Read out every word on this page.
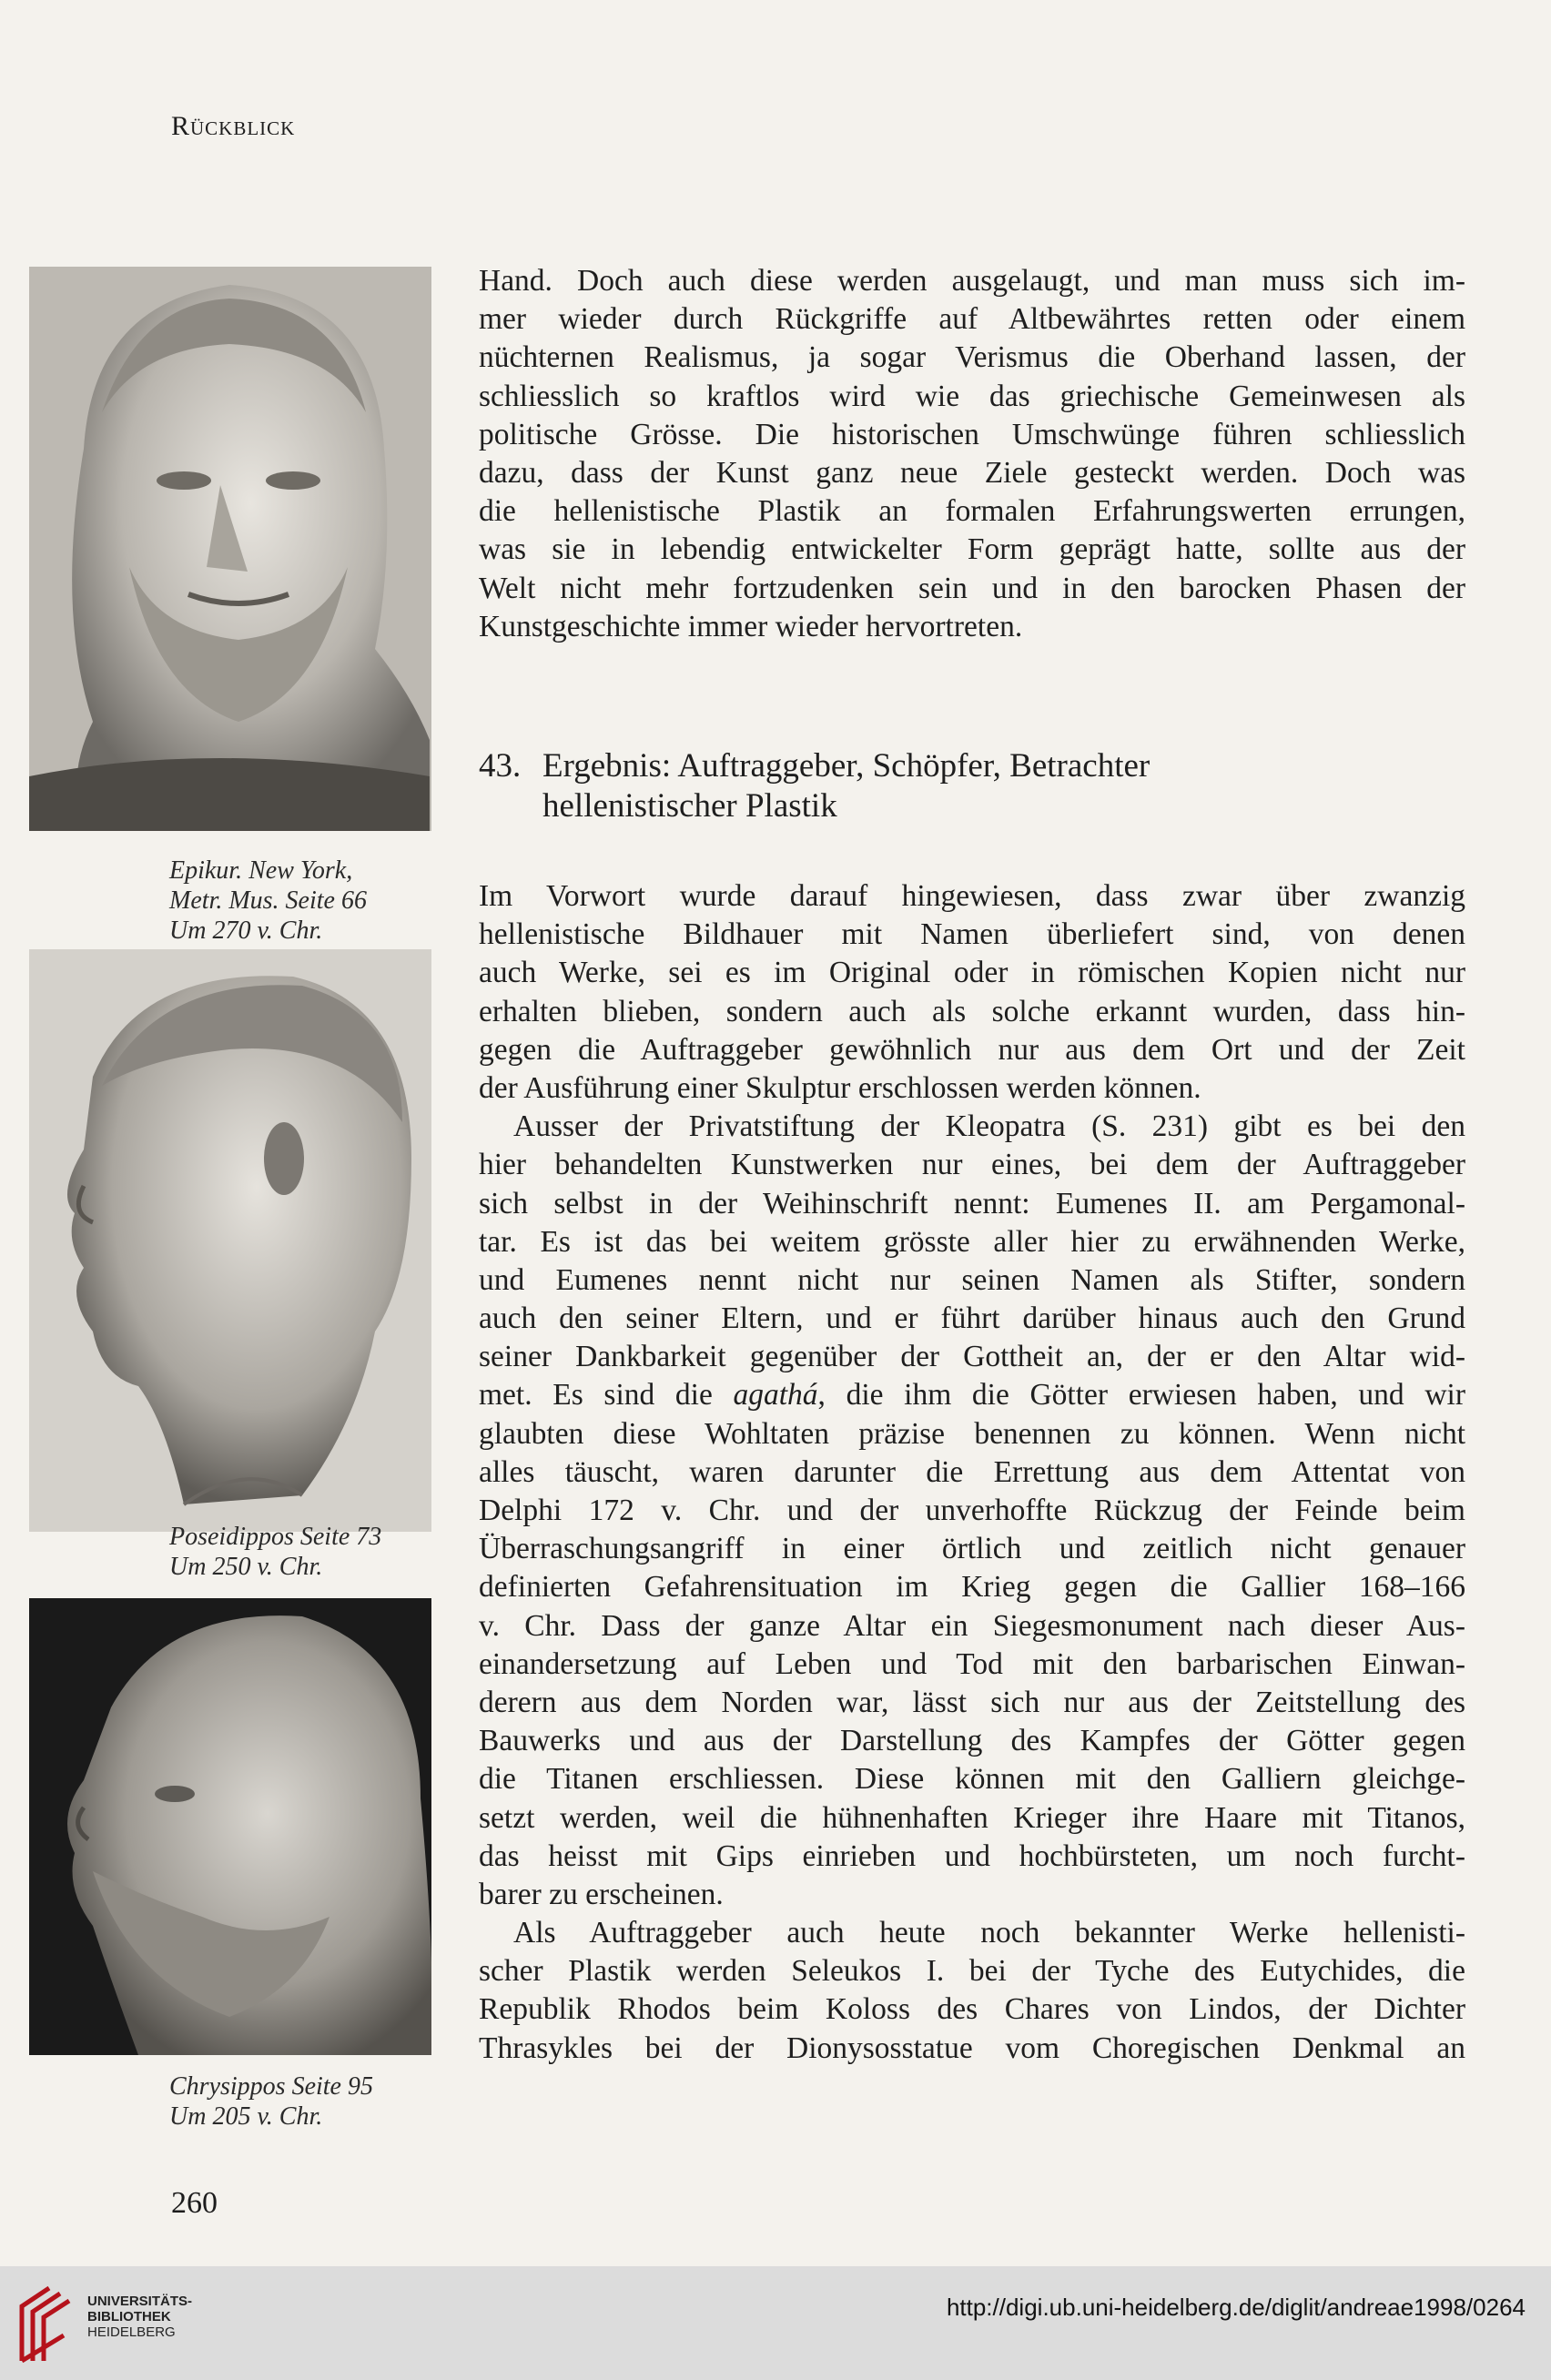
Rückblick
Epikur. New York,
Metr. Mus. Seite 66
Um 270 v. Chr.
Poseidippos Seite 73
Um 250 v. Chr.
Chrysippos Seite 95
Um 205 v. Chr.
Hand. Doch auch diese werden ausgelaugt, und man muss sich im-
mer wieder durch Rückgriffe auf Altbewährtes retten oder einem
nüchternen Realismus, ja sogar Verismus die Oberhand lassen, der
schliesslich so kraftlos wird wie das griechische Gemeinwesen als
politische Grösse. Die historischen Umschwünge führen schliesslich
dazu, dass der Kunst ganz neue Ziele gesteckt werden. Doch was
die hellenistische Plastik an formalen Erfahrungswerten errungen,
was sie in lebendig entwickelter Form geprägt hatte, sollte aus der
Welt nicht mehr fortzudenken sein und in den barocken Phasen der
Kunstgeschichte immer wieder hervortreten.
43. Ergebnis: Auftraggeber, Schöpfer, Betrachter
hellenistischer Plastik
Im Vorwort wurde darauf hingewiesen, dass zwar über zwanzig
hellenistische Bildhauer mit Namen überliefert sind, von denen
auch Werke, sei es im Original oder in römischen Kopien nicht nur
erhalten blieben, sondern auch als solche erkannt wurden, dass hin-
gegen die Auftraggeber gewöhnlich nur aus dem Ort und der Zeit
der Ausführung einer Skulptur erschlossen werden können.
Ausser der Privatstiftung der Kleopatra (S. 231) gibt es bei den
hier behandelten Kunstwerken nur eines, bei dem der Auftraggeber
sich selbst in der Weihinschrift nennt: Eumenes II. am Pergamonal-
tar. Es ist das bei weitem grösste aller hier zu erwähnenden Werke,
und Eumenes nennt nicht nur seinen Namen als Stifter, sondern
auch den seiner Eltern, und er führt darüber hinaus auch den Grund
seiner Dankbarkeit gegenüber der Gottheit an, der er den Altar wid-
met. Es sind die agathá, die ihm die Götter erwiesen haben, und wir
glaubten diese Wohltaten präzise benennen zu können. Wenn nicht
alles täuscht, waren darunter die Errettung aus dem Attentat von
Delphi 172 v. Chr. und der unverhoffte Rückzug der Feinde beim
Überraschungsangriff in einer örtlich und zeitlich nicht genauer
definierten Gefahrensituation im Krieg gegen die Gallier 168–166
v. Chr. Dass der ganze Altar ein Siegesmonument nach dieser Aus-
einandersetzung auf Leben und Tod mit den barbarischen Einwan-
derern aus dem Norden war, lässt sich nur aus der Zeitstellung des
Bauwerks und aus der Darstellung des Kampfes der Götter gegen
die Titanen erschliessen. Diese können mit den Galliern gleichge-
setzt werden, weil die hühnenhaften Krieger ihre Haare mit Titanos,
das heisst mit Gips einrieben und hochbürsteten, um noch furcht-
barer zu erscheinen.
Als Auftraggeber auch heute noch bekannter Werke hellenisti-
scher Plastik werden Seleukos I. bei der Tyche des Eutychides, die
Republik Rhodos beim Koloss des Chares von Lindos, der Dichter
Thrasykles bei der Dionysosstatue vom Choregischen Denkmal an
260
UNIVERSITÄTS-
BIBLIOTHEK
HEIDELBERG
http://digi.ub.uni-heidelberg.de/diglit/andreae1998/0264
